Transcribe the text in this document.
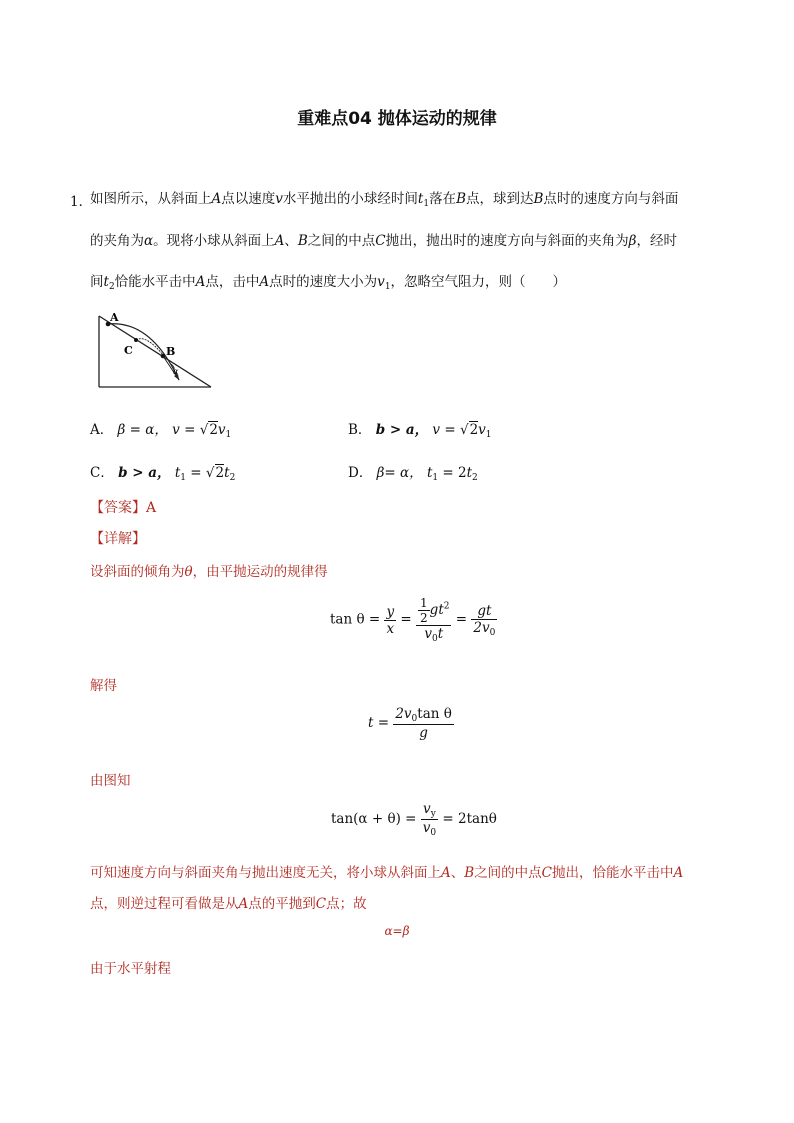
重难点04 抛体运动的规律
1．
如图所示，从斜面上A点以速度v水平抛出的小球经时间$t_1$落在B点，球到达B点时的速度方向与斜面
的夹角为α。现将小球从斜面上A、B之间的中点C抛出，抛出时的速度方向与斜面的夹角为β，经时
间$t_2$恰能水平击中A点，击中A点时的速度大小为$v_1$，忽略空气阻力，则（　　）
A
C	B
α
A． β = α， $v = √2v_1$	B． b > a， $v = √2v_1$
C． b > a， $t_1 = √2t_2$	D． β= α， $t_1 = 2t_2$
【答案】A
【详解】
设斜面的倾角为θ，由平抛运动的规律得
$\tan \theta = \frac{y}{x} = \frac{\frac{1}{2} gt^2}{v_0t} = \frac{gt}{2v_0}$
解得
$t = \frac{2v_0\tan \theta}{g}$
由图知
$\tan(\alpha + \theta) = \frac{v_y}{v_0} = 2\tan\theta$
可知速度方向与斜面夹角与抛出速度无关，将小球从斜面上A、B之间的中点C抛出，恰能水平击中A
点，则逆过程可看做是从A点的平抛到C点；故
α=β
由于水平射程
